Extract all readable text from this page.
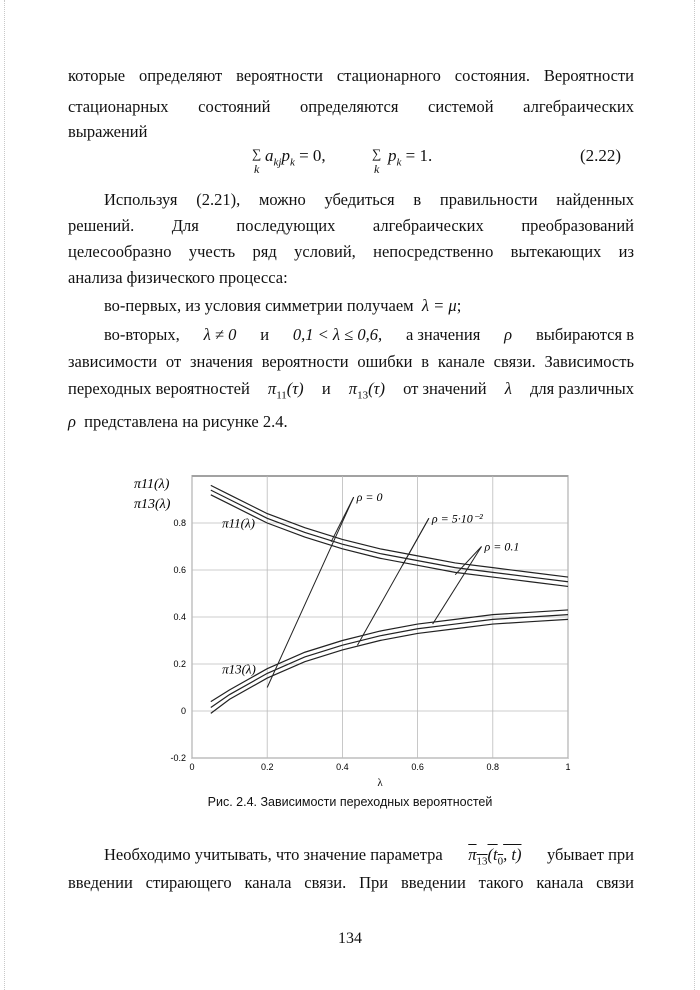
которые определяют вероятности стационарного состояния. Вероятности
стационарных состояний определяются системой алгебраических
выражений
∑
k
$a_{kj}p_k = 0$,	∑
k
$p_k = 1$.	(2.22)
Используя (2.21), можно убедиться в правильности найденных
решений. Для последующих алгебраических преобразований
целесообразно учесть ряд условий, непосредственно вытекающих из
анализа физического процесса:
во-первых, из условия симметрии получаем λ = μ;
во-вторых, λ ≠ 0 и 0,1 < λ ≤ 0,6, а значения ρ выбираются в
зависимости от значения вероятности ошибки в канале связи. Зависимость
переходных вероятностей $\pi_{11}(\tau)$ и $\pi_{13}(\tau)$ от значений λ для различных
ρ представлена на рисунке 2.4.
0	0.2	0.4	0.6	0.8	1
-0.2
0
0.2
0.4
0.6
0.8
λ
π11(λ)
π13(λ)
π11(λ)
π13(λ)
ρ = 0
ρ = 5·10⁻²
ρ = 0.1
Рис. 2.4. Зависимости переходных вероятностей
Необходимо учитывать, что значение параметра $\pi_{13}(t_0$, t) убывает при
введении стирающего канала связи. При введении такого канала связи
134
